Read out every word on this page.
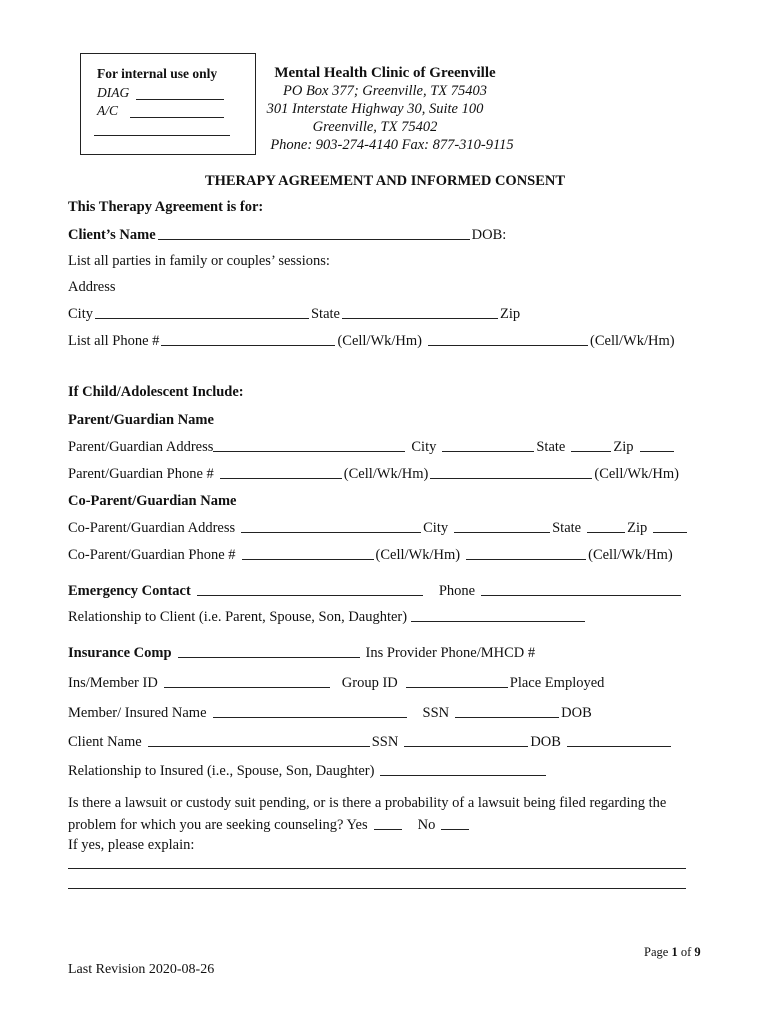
For internal use only
DIAG
A/C
Mental Health Clinic of Greenville
PO Box 377; Greenville, TX 75403
301 Interstate Highway 30, Suite 100
Greenville, TX 75402
Phone: 903-274-4140 Fax: 877-310-9115
THERAPY AGREEMENT AND INFORMED CONSENT
This Therapy Agreement is for:
Client’s Name	DOB:
List all parties in family or couples’ sessions:
Address
City	State	Zip
List all Phone #	(Cell/Wk/Hm)	(Cell/Wk/Hm)
If Child/Adolescent Include:
Parent/Guardian Name
Parent/Guardian Address	City	State	Zip
Parent/Guardian Phone #	(Cell/Wk/Hm)	(Cell/Wk/Hm)
Co-Parent/Guardian Name
Co-Parent/Guardian Address	City	State	Zip
Co-Parent/Guardian Phone #	(Cell/Wk/Hm)	(Cell/Wk/Hm)
Emergency Contact	Phone
Relationship to Client (i.e. Parent, Spouse, Son, Daughter)
Insurance Comp	Ins Provider Phone/MHCD #
Ins/Member ID	Group ID	Place Employed
Member/ Insured Name	SSN	DOB
Client Name	SSN	DOB
Relationship to Insured (i.e., Spouse, Son, Daughter)
Is there a lawsuit or custody suit pending, or is there a probability of a lawsuit being filed regarding the
problem for which you are seeking counseling? Yes	No
If yes, please explain:
Page 1 of 9
Last Revision 2020-08-26
